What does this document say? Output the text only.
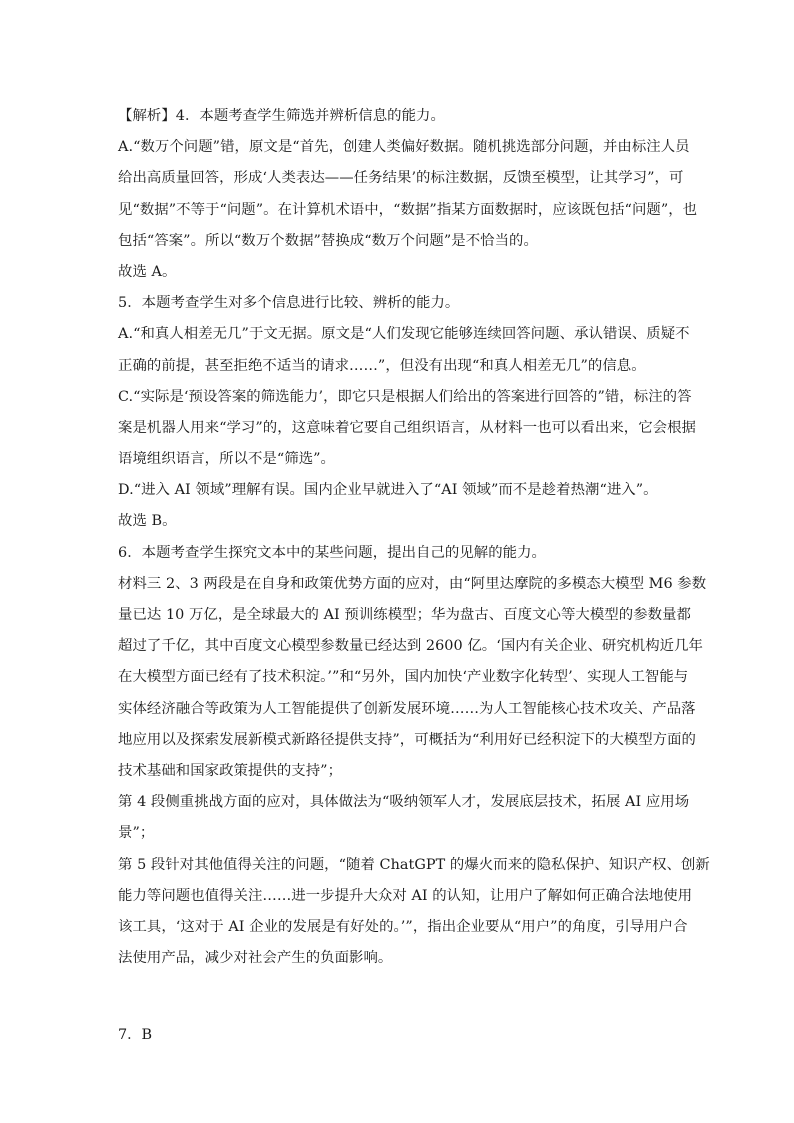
【解析】4．本题考查学生筛选并辨析信息的能力。
A.“数万个问题”错，原文是“首先，创建人类偏好数据。随机挑选部分问题，并由标注人员
给出高质量回答，形成‘人类表达——任务结果’的标注数据，反馈至模型，让其学习”，可
见“数据”不等于“问题”。在计算机术语中，“数据”指某方面数据时，应该既包括“问题”，也
包括“答案”。所以“数万个数据”替换成“数万个问题”是不恰当的。
故选 A。
5．本题考查学生对多个信息进行比较、辨析的能力。
A.“和真人相差无几”于文无据。原文是“人们发现它能够连续回答问题、承认错误、质疑不
正确的前提，甚至拒绝不适当的请求……”，但没有出现“和真人相差无几”的信息。
C.“实际是‘预设答案的筛选能力’，即它只是根据人们给出的答案进行回答的”错，标注的答
案是机器人用来“学习”的，这意味着它要自己组织语言，从材料一也可以看出来，它会根据
语境组织语言，所以不是“筛选”。
D.“进入 AI 领域”理解有误。国内企业早就进入了“AI 领域”而不是趁着热潮“进入”。
故选 B。
6．本题考查学生探究文本中的某些问题，提出自己的见解的能力。
材料三 2、3 两段是在自身和政策优势方面的应对，由“阿里达摩院的多模态大模型 M6 参数
量已达 10 万亿，是全球最大的 AI 预训练模型；华为盘古、百度文心等大模型的参数量都
超过了千亿，其中百度文心模型参数量已经达到 2600 亿。‘国内有关企业、研究机构近几年
在大模型方面已经有了技术积淀。’”和“另外，国内加快‘产业数字化转型’、实现人工智能与
实体经济融合等政策为人工智能提供了创新发展环境……为人工智能核心技术攻关、产品落
地应用以及探索发展新模式新路径提供支持”，可概括为“利用好已经积淀下的大模型方面的
技术基础和国家政策提供的支持”；
第 4 段侧重挑战方面的应对，具体做法为“吸纳领军人才，发展底层技术，拓展 AI 应用场
景”；
第 5 段针对其他值得关注的问题，“随着 ChatGPT 的爆火而来的隐私保护、知识产权、创新
能力等问题也值得关注……进一步提升大众对 AI 的认知，让用户了解如何正确合法地使用
该工具，‘这对于 AI 企业的发展是有好处的。’”，指出企业要从“用户”的角度，引导用户合
法使用产品，减少对社会产生的负面影响。
7．B
